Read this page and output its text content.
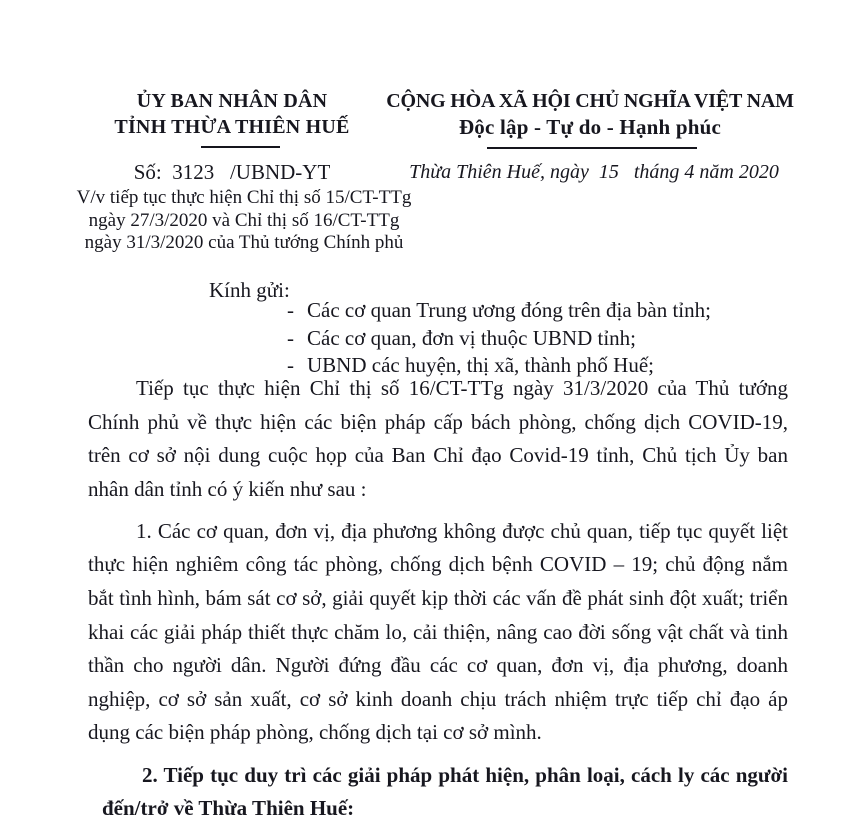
ỦY BAN NHÂN DÂN
TỈNH THỪA THIÊN HUẾ
CỘNG HÒA XÃ HỘI CHỦ NGHĨA VIỆT NAM
Độc lập - Tự do - Hạnh phúc
Số:  3123   /UBND-YT	Thừa Thiên Huế, ngày  15   tháng 4 năm 2020
V/v tiếp tục thực hiện Chỉ thị số 15/CT-TTg
ngày 27/3/2020 và Chỉ thị số 16/CT-TTg
ngày 31/3/2020 của Thủ tướng Chính phủ
Kính gửi:
- Các cơ quan Trung ương đóng trên địa bàn tỉnh;
- Các cơ quan, đơn vị thuộc UBND tỉnh;
- UBND các huyện, thị xã, thành phố Huế;

Tiếp tục thực hiện Chỉ thị số 16/CT-TTg ngày 31/3/2020 của Thủ tướng Chính phủ về thực hiện các biện pháp cấp bách phòng, chống dịch COVID-19, trên cơ sở nội dung cuộc họp của Ban Chỉ đạo Covid-19 tỉnh, Chủ tịch Ủy ban nhân dân tỉnh có ý kiến như sau :

1. Các cơ quan, đơn vị, địa phương không được chủ quan, tiếp tục quyết liệt thực hiện nghiêm công tác phòng, chống dịch bệnh COVID – 19; chủ động nắm bắt tình hình, bám sát cơ sở, giải quyết kịp thời các vấn đề phát sinh đột xuất; triển khai các giải pháp thiết thực chăm lo, cải thiện, nâng cao đời sống vật chất và tinh thần cho người dân. Người đứng đầu các cơ quan, đơn vị, địa phương, doanh nghiệp, cơ sở sản xuất, cơ sở kinh doanh chịu trách nhiệm trực tiếp chỉ đạo áp dụng các biện pháp phòng, chống dịch tại cơ sở mình.

2. Tiếp tục duy trì các giải pháp phát hiện, phân loại, cách ly các người đến/trở về Thừa Thiên Huế:
